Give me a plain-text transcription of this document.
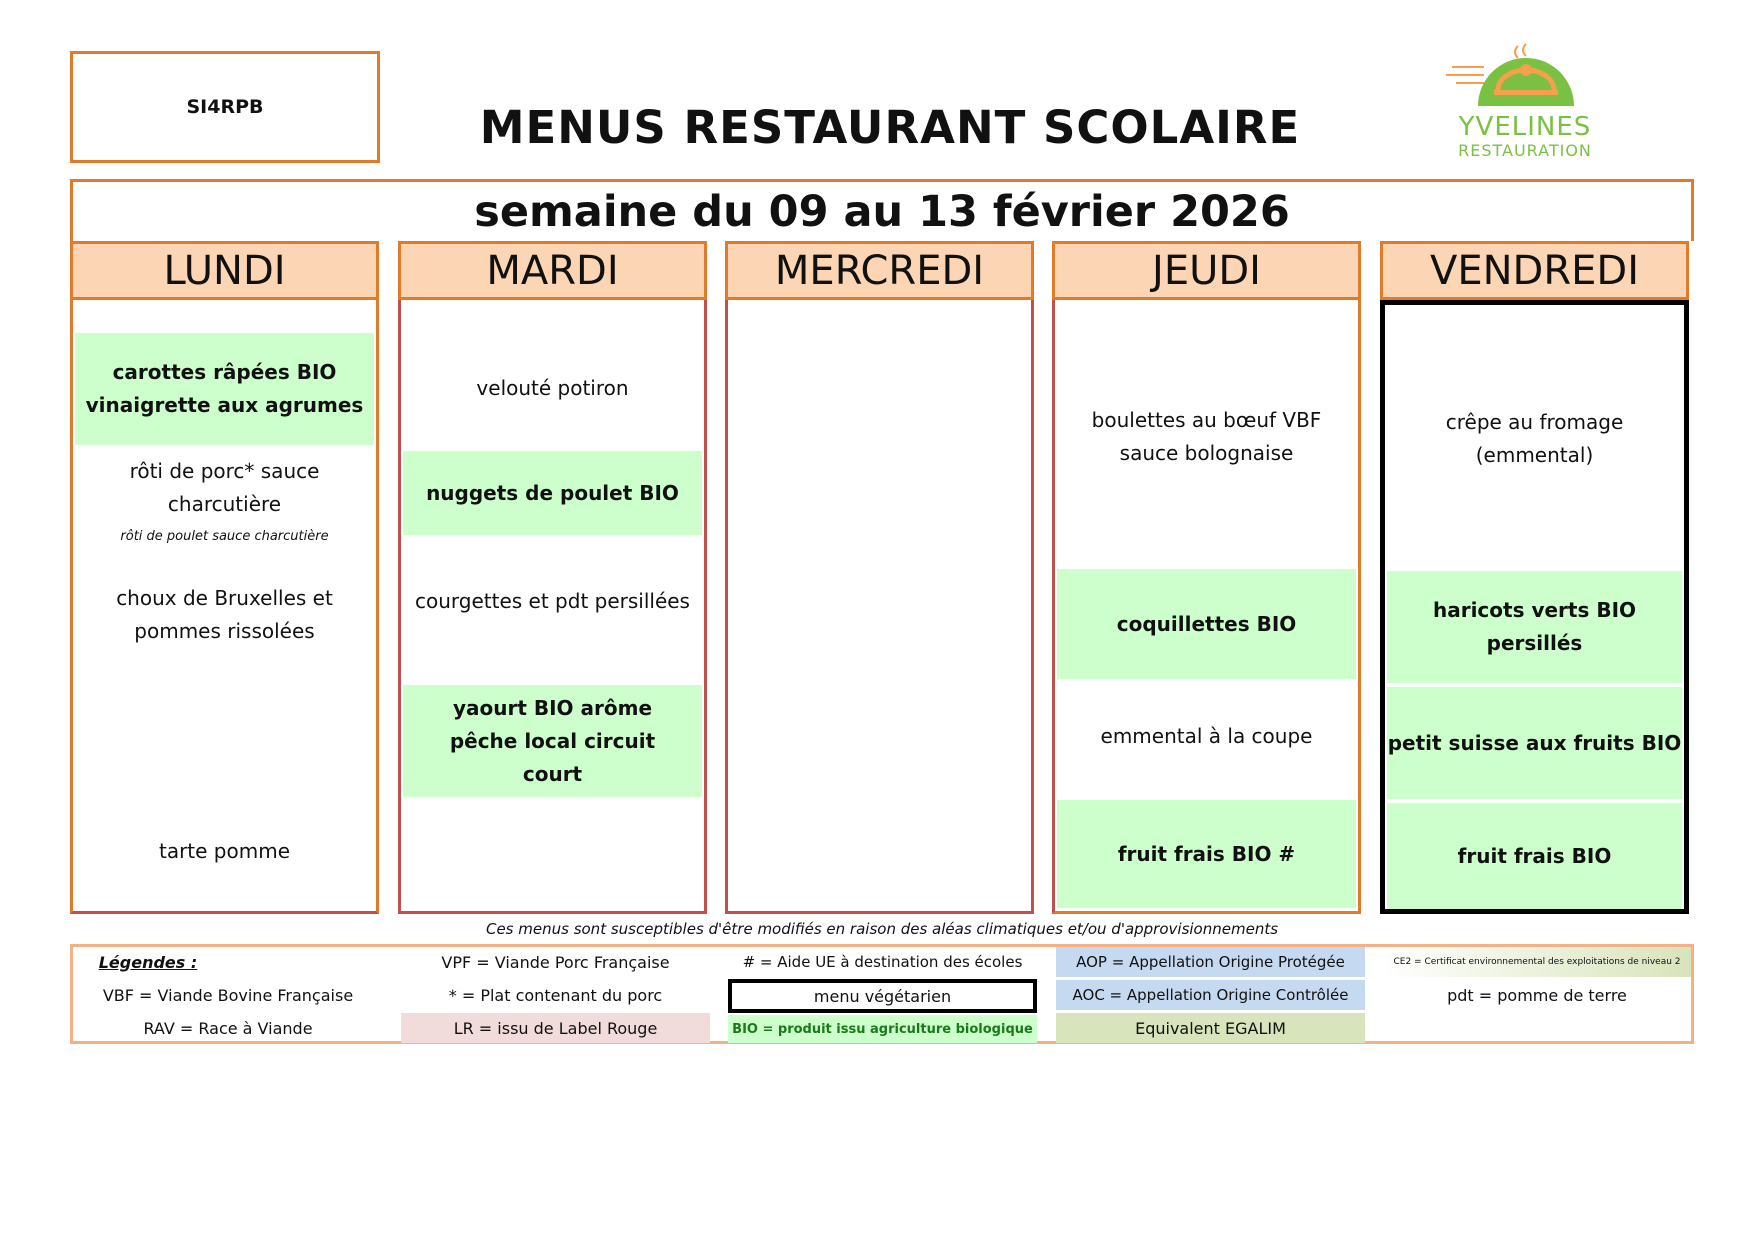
SI4RPB	MENUS RESTAURANT SCOLAIRE	YVELINES
RESTAURATION
semaine du 09 au 13 février 2026
LUNDI
carottes râpées BIO vinaigrette aux agrumes
rôti de porc* sauce charcutière
rôti de poulet sauce charcutière
choux de Bruxelles et pommes rissolées
tarte pomme
MARDI
velouté potiron
nuggets de poulet BIO
courgettes et pdt persillées
yaourt BIO arôme pêche local circuit court
MERCREDI	JEUDI
boulettes au bœuf VBF sauce bolognaise
coquillettes BIO
emmental à la coupe
fruit frais BIO #
VENDREDI
crêpe au fromage (emmental)
haricots verts BIO persillés
petit suisse aux fruits BIO
fruit frais BIO
Ces menus sont susceptibles d'être modifiés en raison des aléas climatiques et/ou d'approvisionnements
Légendes :
VBF = Viande Bovine Française
RAV = Race à Viande
VPF = Viande Porc Française
* = Plat contenant du porc
LR = issu de Label Rouge
# = Aide UE à destination des écoles
menu végétarien
BIO = produit issu agriculture biologique
AOP = Appellation Origine Protégée
AOC = Appellation Origine Contrôlée
Equivalent EGALIM
CE2 = Certificat environnemental des exploitations de niveau 2
pdt = pomme de terre
